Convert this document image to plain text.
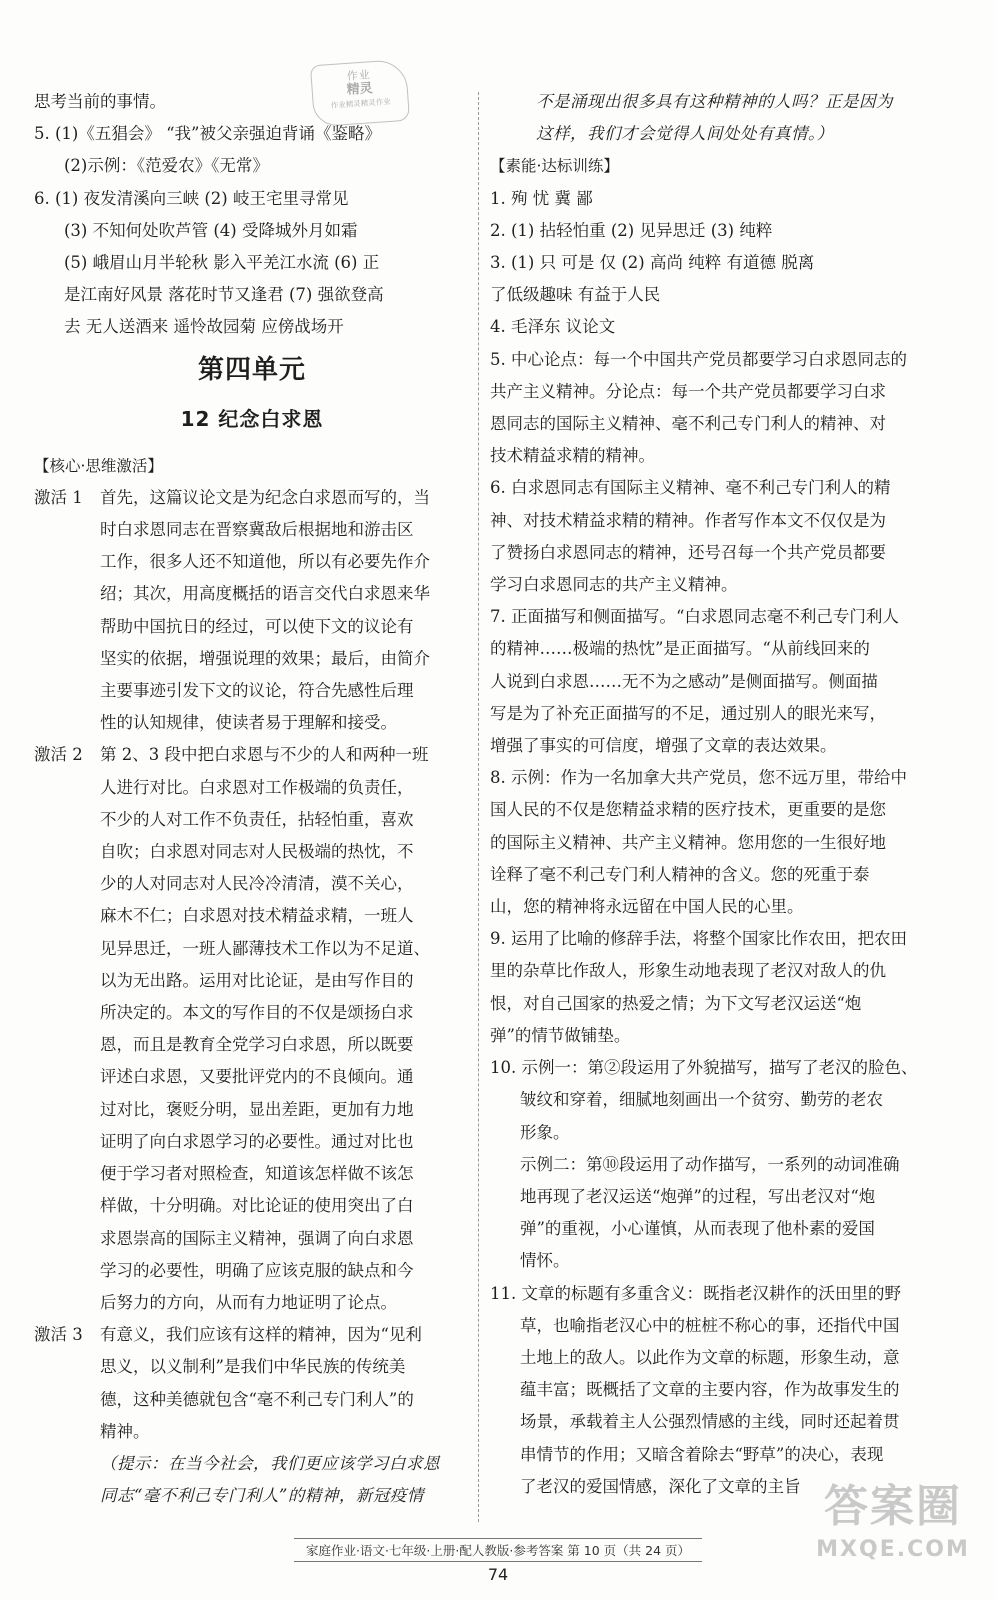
作业
精灵
作业精灵精灵作业
思考当前的事情。
5. (1)《五猖会》 “我”被父亲强迫背诵《鉴略》
(2)示例：《范爱农》《无常》
6. (1) 夜发清溪向三峡 (2) 岐王宅里寻常见
(3) 不知何处吹芦管 (4) 受降城外月如霜
(5) 峨眉山月半轮秋 影入平羌江水流 (6) 正
是江南好风景 落花时节又逢君 (7) 强欲登高
去 无人送酒来 遥怜故园菊 应傍战场开
第四单元
12 纪念白求恩
【核心·思维激活】
激活 1	首先，这篇议论文是为纪念白求恩而写的，当
时白求恩同志在晋察冀敌后根据地和游击区
工作，很多人还不知道他，所以有必要先作介
绍；其次，用高度概括的语言交代白求恩来华
帮助中国抗日的经过，可以使下文的议论有
坚实的依据，增强说理的效果；最后，由简介
主要事迹引发下文的议论，符合先感性后理
性的认知规律，使读者易于理解和接受。
激活 2	第 2、3 段中把白求恩与不少的人和两种一班
人进行对比。白求恩对工作极端的负责任，
不少的人对工作不负责任，拈轻怕重，喜欢
自吹；白求恩对同志对人民极端的热忱，不
少的人对同志对人民冷冷清清，漠不关心，
麻木不仁；白求恩对技术精益求精，一班人
见异思迁，一班人鄙薄技术工作以为不足道、
以为无出路。运用对比论证，是由写作目的
所决定的。本文的写作目的不仅是颂扬白求
恩，而且是教育全党学习白求恩，所以既要
评述白求恩，又要批评党内的不良倾向。通
过对比，褒贬分明，显出差距，更加有力地
证明了向白求恩学习的必要性。通过对比也
便于学习者对照检查，知道该怎样做不该怎
样做，十分明确。对比论证的使用突出了白
求恩崇高的国际主义精神，强调了向白求恩
学习的必要性，明确了应该克服的缺点和今
后努力的方向，从而有力地证明了论点。
激活 3	有意义，我们应该有这样的精神，因为“见利
思义，以义制利”是我们中华民族的传统美
德，这种美德就包含“毫不利己专门利人”的
精神。
（提示：在当今社会，我们更应该学习白求恩
同志“毫不利己专门利人”的精神，新冠疫情
不是涌现出很多具有这种精神的人吗？正是因为
这样，我们才会觉得人间处处有真情。）
【素能·达标训练】
1. 殉 忧 冀 鄙
2. (1) 拈轻怕重 (2) 见异思迁 (3) 纯粹
3. (1) 只 可是 仅 (2) 高尚 纯粹 有道德 脱离
了低级趣味 有益于人民
4. 毛泽东 议论文
5. 中心论点：每一个中国共产党员都要学习白求恩同志的
共产主义精神。分论点：每一个共产党员都要学习白求
恩同志的国际主义精神、毫不利己专门利人的精神、对
技术精益求精的精神。
6. 白求恩同志有国际主义精神、毫不利己专门利人的精
神、对技术精益求精的精神。作者写作本文不仅仅是为
了赞扬白求恩同志的精神，还号召每一个共产党员都要
学习白求恩同志的共产主义精神。
7. 正面描写和侧面描写。“白求恩同志毫不利己专门利人
的精神……极端的热忱”是正面描写。“从前线回来的
人说到白求恩……无不为之感动”是侧面描写。侧面描
写是为了补充正面描写的不足，通过别人的眼光来写，
增强了事实的可信度，增强了文章的表达效果。
8. 示例：作为一名加拿大共产党员，您不远万里，带给中
国人民的不仅是您精益求精的医疗技术，更重要的是您
的国际主义精神、共产主义精神。您用您的一生很好地
诠释了毫不利己专门利人精神的含义。您的死重于泰
山，您的精神将永远留在中国人民的心里。
9. 运用了比喻的修辞手法，将整个国家比作农田，把农田
里的杂草比作敌人，形象生动地表现了老汉对敌人的仇
恨，对自己国家的热爱之情；为下文写老汉运送“炮
弹”的情节做铺垫。
10. 示例一：第②段运用了外貌描写，描写了老汉的脸色、
皱纹和穿着，细腻地刻画出一个贫穷、勤劳的老农
形象。
示例二：第⑩段运用了动作描写，一系列的动词准确
地再现了老汉运送“炮弹”的过程，写出老汉对“炮
弹”的重视，小心谨慎，从而表现了他朴素的爱国
情怀。
11. 文章的标题有多重含义：既指老汉耕作的沃田里的野
草，也喻指老汉心中的桩桩不称心的事，还指代中国
土地上的敌人。以此作为文章的标题，形象生动，意
蕴丰富；既概括了文章的主要内容，作为故事发生的
场景，承载着主人公强烈情感的主线，同时还起着贯
串情节的作用；又暗含着除去“野草”的决心，表现
了老汉的爱国情感，深化了文章的主旨
家庭作业·语文·七年级·上册·配人教版·参考答案 第 10 页（共 24 页）
74
答案圈
MXQE.COM
